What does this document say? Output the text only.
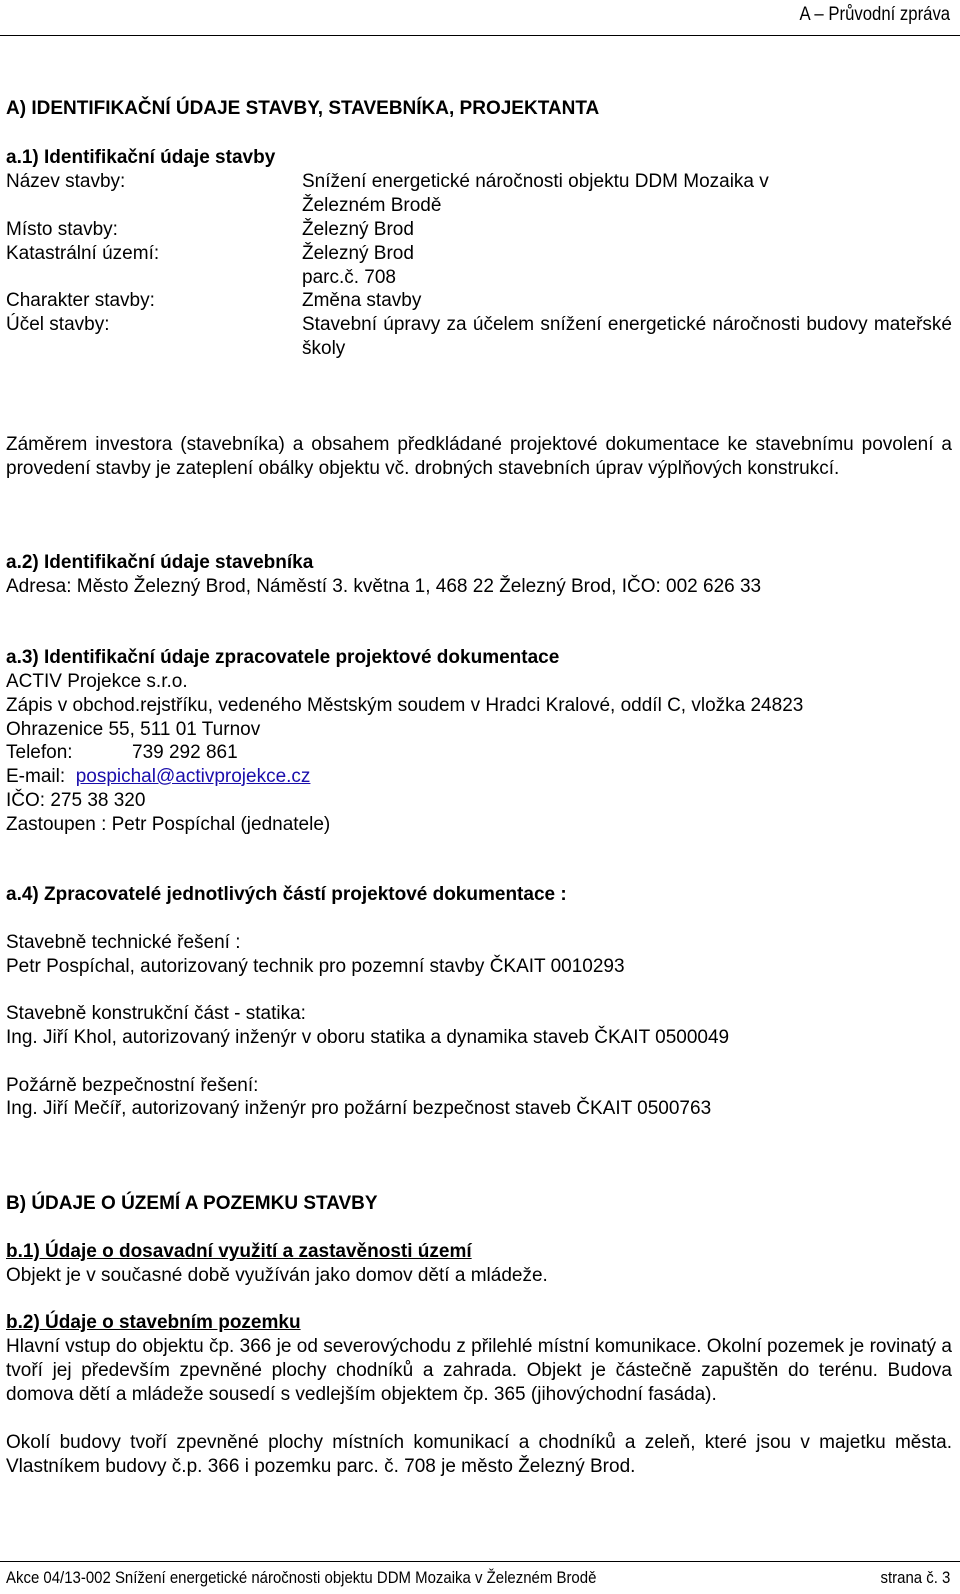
A – Průvodní zpráva
A) IDENTIFIKAČNÍ ÚDAJE STAVBY, STAVEBNÍKA, PROJEKTANTA
a.1) Identifikační údaje stavby
Název stavby:	Snížení energetické náročnosti objektu DDM Mozaika v
Železném Brodě
Místo stavby:	Železný Brod
Katastrální území:	Železný Brod
parc.č. 708
Charakter stavby:	Změna stavby
Účel stavby:	Stavební úpravy za účelem snížení energetické náročnosti budovy mateřské školy
Záměrem investora (stavebníka) a obsahem předkládané projektové dokumentace ke stavebnímu povolení a provedení stavby je zateplení obálky objektu vč. drobných stavebních úprav výplňových konstrukcí.
a.2) Identifikační údaje stavebníka
Adresa: Město Železný Brod, Náměstí 3. května 1, 468 22 Železný Brod, IČO: 002 626 33
a.3) Identifikační údaje zpracovatele projektové dokumentace
ACTIV Projekce s.r.o.
Zápis v obchod.rejstříku, vedeného Městským soudem v Hradci Kralové, oddíl C, vložka 24823
Ohrazenice 55, 511 01 Turnov
Telefon:	739 292 861
E-mail: pospichal@activprojekce.cz
IČO: 275 38 320
Zastoupen : Petr Pospíchal (jednatele)
a.4) Zpracovatelé jednotlivých částí projektové dokumentace :
Stavebně technické řešení :
Petr Pospíchal, autorizovaný technik pro pozemní stavby ČKAIT 0010293
Stavebně konstrukční část - statika:
Ing. Jiří Khol, autorizovaný inženýr v oboru statika a dynamika staveb ČKAIT 0500049
Požárně bezpečnostní řešení:
Ing. Jiří Mečíř, autorizovaný inženýr pro požární bezpečnost staveb ČKAIT 0500763
B) ÚDAJE O ÚZEMÍ A POZEMKU STAVBY
b.1) Údaje o dosavadní využití a zastavěnosti území
Objekt je v současné době využíván jako domov dětí a mládeže.
b.2) Údaje o stavebním pozemku
Hlavní vstup do objektu čp. 366 je od severovýchodu z přilehlé místní komunikace. Okolní pozemek je rovinatý a tvoří jej především zpevněné plochy chodníků a zahrada. Objekt je částečně zapuštěn do terénu. Budova domova dětí a mládeže sousedí s vedlejším objektem čp. 365 (jihovýchodní fasáda).
Okolí budovy tvoří zpevněné plochy místních komunikací a chodníků a zeleň, které jsou v majetku města. Vlastníkem budovy č.p. 366 i pozemku parc. č. 708 je město Železný Brod.
Akce 04/13-002 Snížení energetické náročnosti objektu DDM Mozaika v Železném Brodě	strana č. 3
